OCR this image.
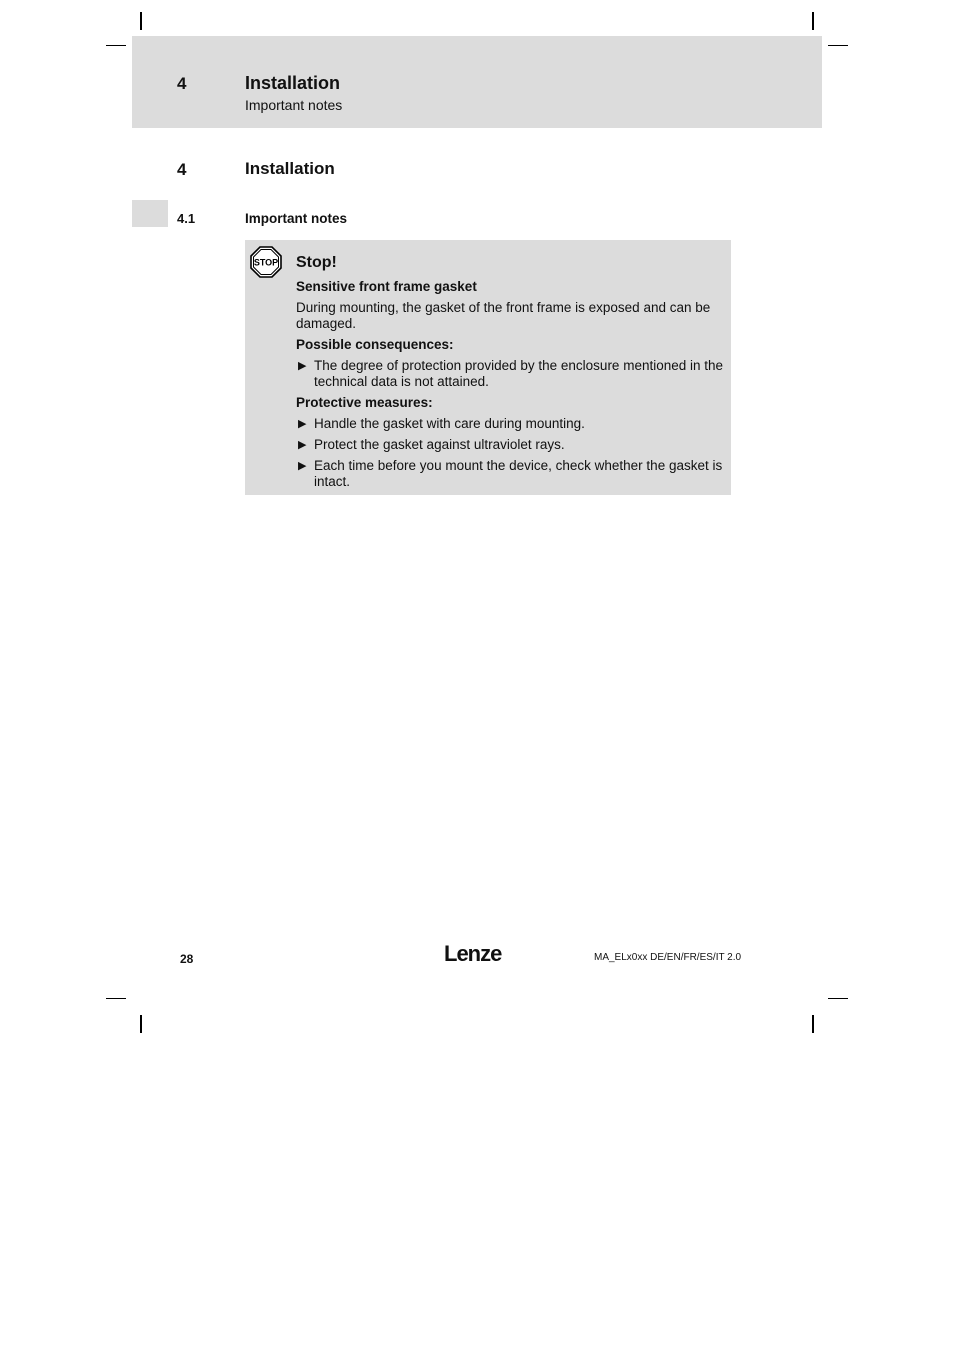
4	Installation
Important notes
4	Installation
4.1	Important notes
STOP Stop!

Sensitive front frame gasket

During mounting, the gasket of the front frame is exposed and can be damaged.

Possible consequences:

▶ The degree of protection provided by the enclosure mentioned in the technical data is not attained.

Protective measures:

▶ Handle the gasket with care during mounting.
▶ Protect the gasket against ultraviolet rays.
▶ Each time before you mount the device, check whether the gasket is intact.
28	Lenze	MA_ELx0xx DE/EN/FR/ES/IT 2.0
